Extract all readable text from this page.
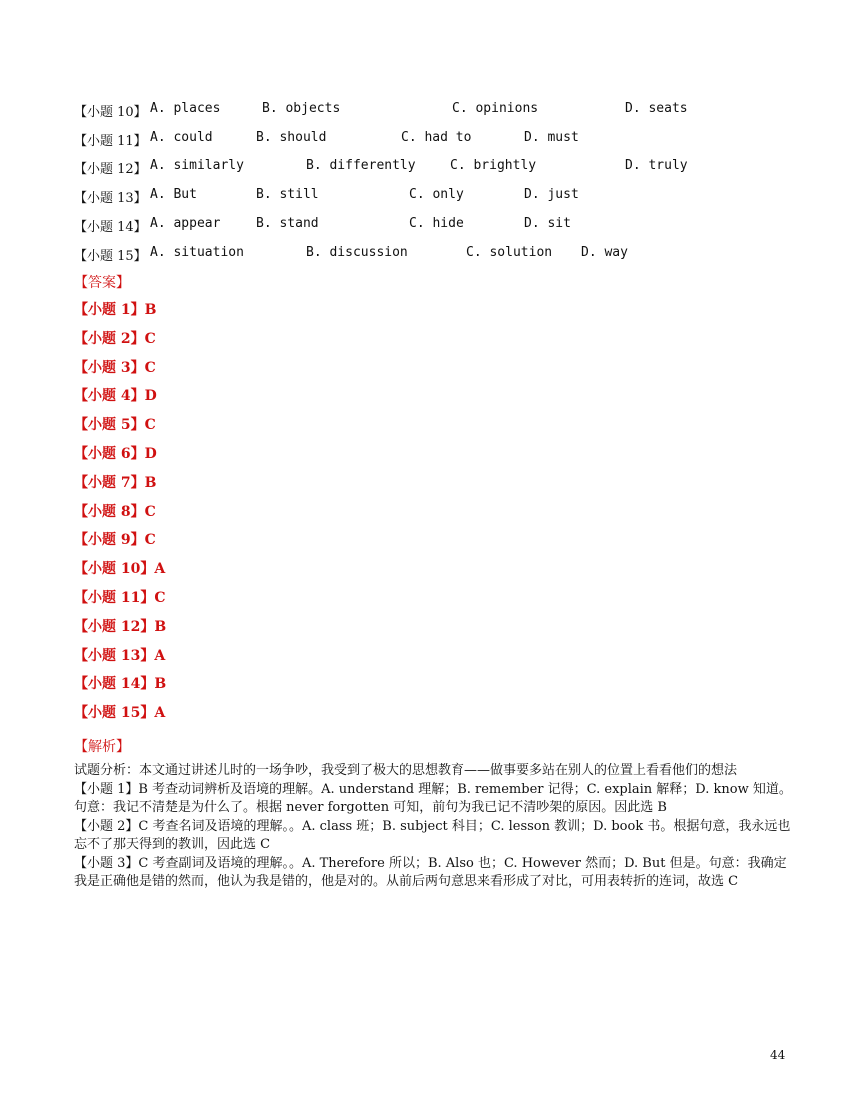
【小题 10】 A. places	B. objects	C. opinions	D. seats
【小题 11】 A. could	B. should	C. had to	D. must
【小题 12】 A. similarly	B. differently	C. brightly	D. truly
【小题 13】 A. But	B. still	C. only	D. just
【小题 14】 A. appear	B. stand	C. hide	D. sit
【小题 15】 A. situation	B. discussion	C. solution D. way
【答案】
【小题 1】B
【小题 2】C
【小题 3】C
【小题 4】D
【小题 5】C
【小题 6】D
【小题 7】B
【小题 8】C
【小题 9】C
【小题 10】A
【小题 11】C
【小题 12】B
【小题 13】A
【小题 14】B
【小题 15】A
【解析】

试题分析：本文通过讲述儿时的一场争吵，我受到了极大的思想教育——做事要多站在别人的位置上看看他们的想法

【小题 1】B 考查动词辨析及语境的理解。A. understand 理解；B. remember 记得；C. explain 解释；D. know 知道。句意：我记不清楚是为什么了。根据 never forgotten 可知，前句为我已记不清吵架的原因。因此选 B

【小题 2】C 考查名词及语境的理解。。A. class 班；B. subject 科目；C. lesson 教训；D. book 书。根据句意，我永远也忘不了那天得到的教训，因此选 C

【小题 3】C 考查副词及语境的理解。。A. Therefore 所以；B. Also 也；C. However 然而；D. But 但是。句意：我确定我是正确他是错的然而，他认为我是错的，他是对的。从前后两句意思来看形成了对比，可用表转折的连词，故选 C

44
